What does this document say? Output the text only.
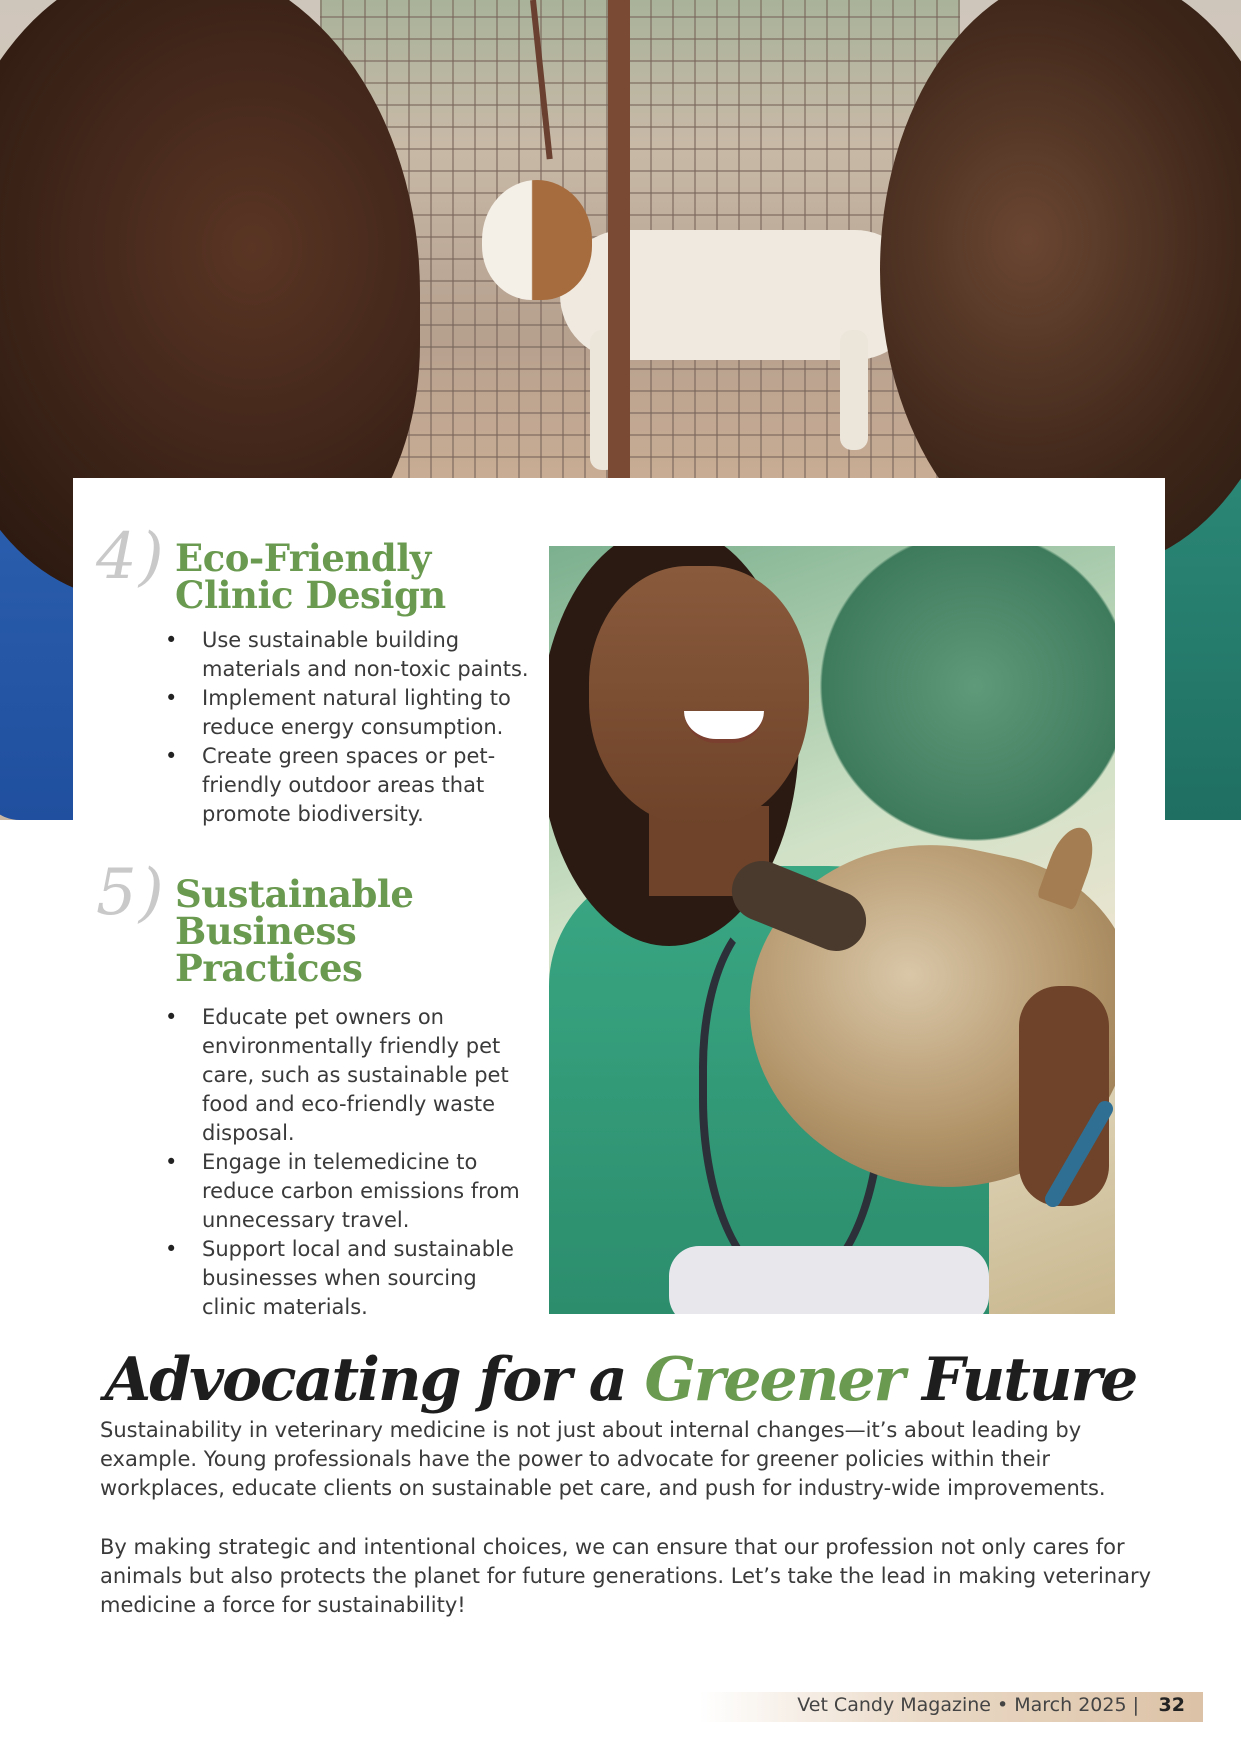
4) Eco-Friendly
Clinic Design
• Use sustainable building materials and non-toxic paints.
• Implement natural lighting to reduce energy consumption.
• Create green spaces or pet-friendly outdoor areas that promote biodiversity.
5) Sustainable
Business
Practices
• Educate pet owners on environmentally friendly pet care, such as sustainable pet food and eco-friendly waste disposal.
• Engage in telemedicine to reduce carbon emissions from unnecessary travel.
• Support local and sustainable businesses when sourcing clinic materials.
Advocating for a Greener Future

Sustainability in veterinary medicine is not just about internal changes—it’s about leading by example. Young professionals have the power to advocate for greener policies within their workplaces, educate clients on sustainable pet care, and push for industry-wide improvements.

By making strategic and intentional choices, we can ensure that our profession not only cares for animals but also protects the planet for future generations. Let’s take the lead in making veterinary medicine a force for sustainability!

Vet Candy Magazine • March 2025 | 32
